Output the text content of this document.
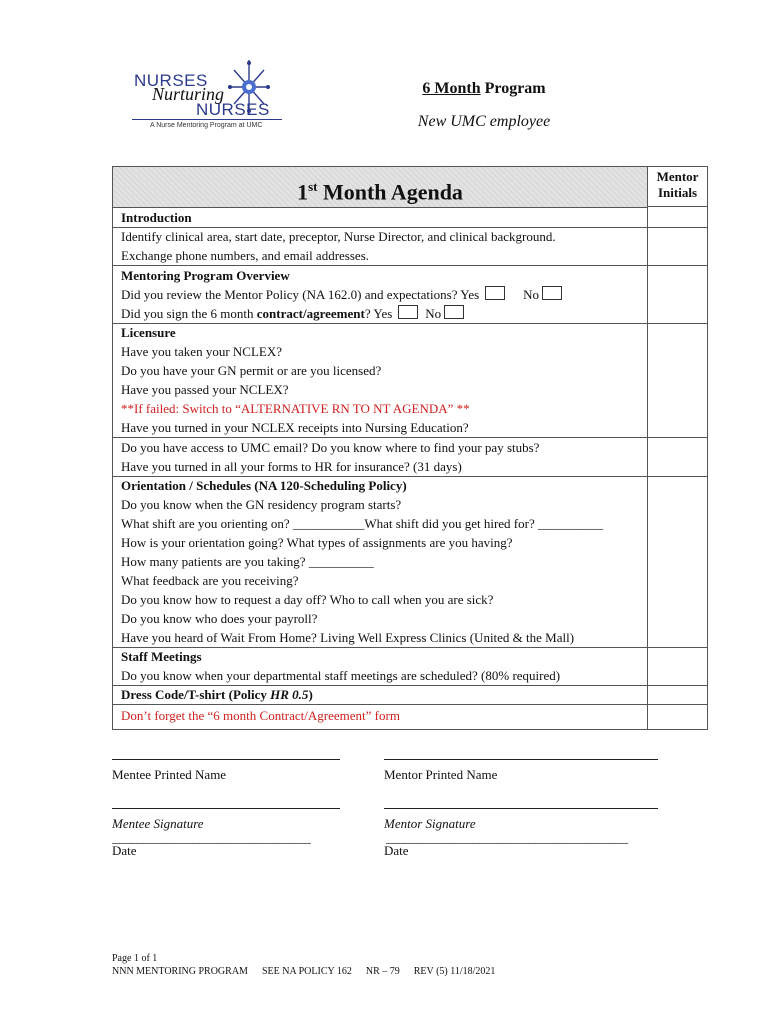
NURSES
Nurturing
NURSES
A Nurse Mentoring Program at UMC
6 Month Program
New UMC employee
1st Month Agenda
Mentor
Initials
Introduction
Identify clinical area, start date, preceptor, Nurse Director, and clinical background.
Exchange phone numbers, and email addresses.
Mentoring Program Overview
Did you review the Mentor Policy (NA 162.0) and expectations? Yes	No
Did you sign the 6 month contract/agreement? Yes	No
Licensure
Have you taken your NCLEX?
Do you have your GN permit or are you licensed?
Have you passed your NCLEX?
**If failed: Switch to “ALTERNATIVE RN TO NT AGENDA” **
Have you turned in your NCLEX receipts into Nursing Education?
Do you have access to UMC email? Do you know where to find your pay stubs?
Have you turned in all your forms to HR for insurance? (31 days)
Orientation / Schedules (NA 120-Scheduling Policy)
Do you know when the GN residency program starts?
What shift are you orienting on? ___________What shift did you get hired for? __________
How is your orientation going? What types of assignments are you having?
How many patients are you taking? __________
What feedback are you receiving?
Do you know how to request a day off? Who to call when you are sick?
Do you know who does your payroll?
Have you heard of Wait From Home? Living Well Express Clinics (United & the Mall)
Staff Meetings
Do you know when your departmental staff meetings are scheduled? (80% required)
Dress Code/T-shirt (Policy HR 0.5)
Don’t forget the “6 month Contract/Agreement” form
Mentee Printed Name	Mentor Printed Name
Mentee Signature	Mentor Signature
________________________________	_______________________________________
Date	Date
Page 1 of 1
NNN MENTORING PROGRAM SEE NA POLICY 162 NR – 79 REV (5) 11/18/2021
